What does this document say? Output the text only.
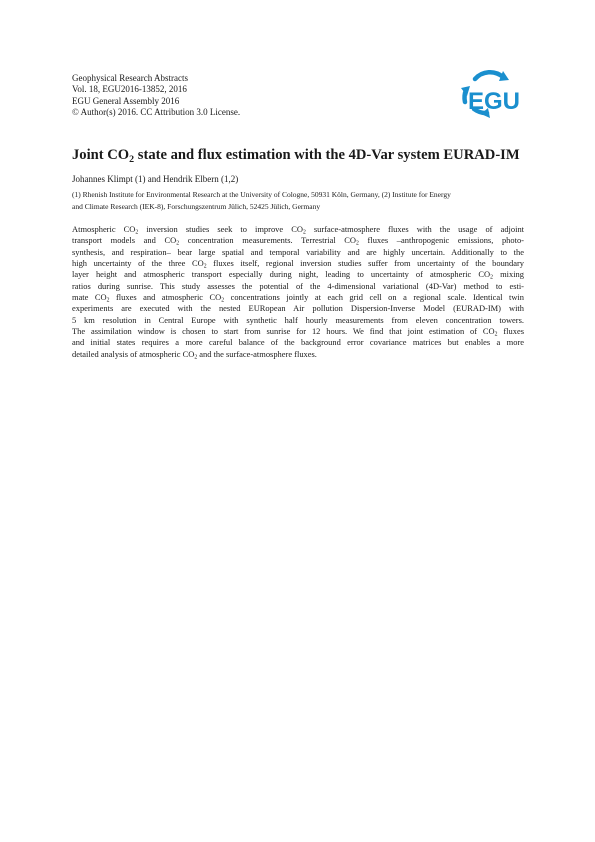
Geophysical Research Abstracts
Vol. 18, EGU2016-13852, 2016
EGU General Assembly 2016
© Author(s) 2016. CC Attribution 3.0 License.	EGU
Joint $CO_2$ state and flux estimation with the 4D-Var system EURAD-IM
Johannes Klimpt (1) and Hendrik Elbern (1,2)
(1) Rhenish Institute for Environmental Research at the University of Cologne, 50931 Köln, Germany, (2) Institute for Energy
and Climate Research (IEK-8), Forschungszentrum Jülich, 52425 Jülich, Germany
Atmospheric $CO_2$ inversion studies seek to improve $CO_2$ surface-atmosphere fluxes with the usage of adjoint
transport models and $CO_2$ concentration measurements. Terrestrial $CO_2$ fluxes –anthropogenic emissions, photo-
synthesis, and respiration– bear large spatial and temporal variability and are highly uncertain. Additionally to the
high uncertainty of the three $CO_2$ fluxes itself, regional inversion studies suffer from uncertainty of the boundary
layer height and atmospheric transport especially during night, leading to uncertainty of atmospheric $CO_2$ mixing
ratios during sunrise. This study assesses the potential of the 4-dimensional variational (4D-Var) method to esti-
mate $CO_2$ fluxes and atmospheric $CO_2$ concentrations jointly at each grid cell on a regional scale. Identical twin
experiments are executed with the nested EURopean Air pollution Dispersion-Inverse Model (EURAD-IM) with
5 km resolution in Central Europe with synthetic half hourly measurements from eleven concentration towers.
The assimilation window is chosen to start from sunrise for 12 hours. We find that joint estimation of $CO_2$ fluxes
and initial states requires a more careful balance of the background error covariance matrices but enables a more
detailed analysis of atmospheric $CO_2$ and the surface-atmosphere fluxes.
